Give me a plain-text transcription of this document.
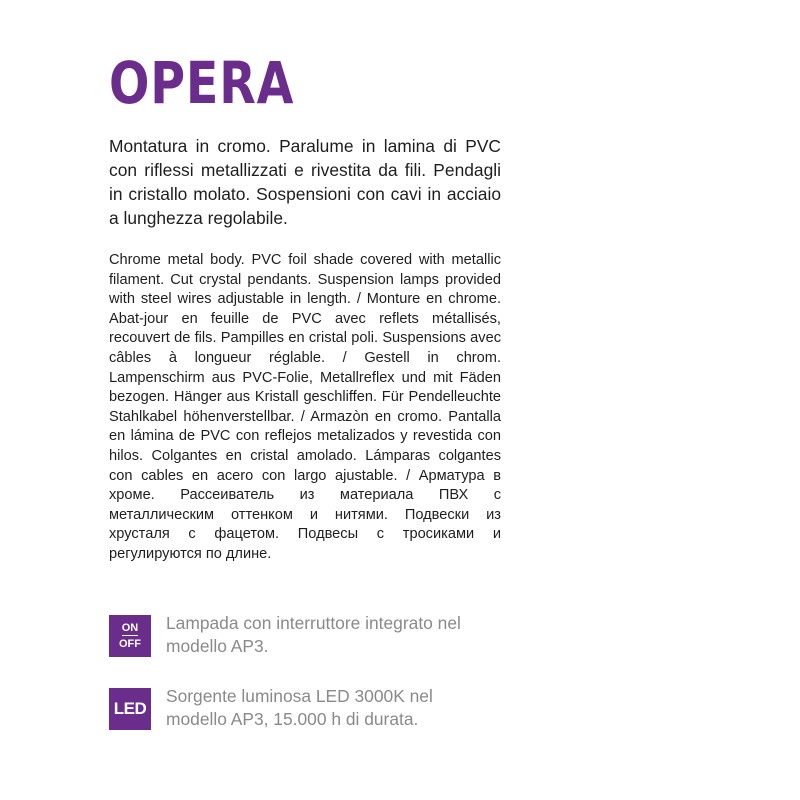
OPERA

Montatura in cromo. Paralume in lamina di PVC con riflessi metallizzati e rivestita da fili. Pendagli in cristallo molato. Sospensioni con cavi in acciaio a lunghezza regolabile.

Chrome metal body. PVC foil shade covered with metallic filament. Cut crystal pendants. Suspension lamps provided with steel wires adjustable in length. / Monture en chrome. Abat-jour en feuille de PVC avec reflets métallisés, recouvert de fils. Pampilles en cristal poli. Suspensions avec câbles à longueur réglable. / Gestell in chrom. Lampenschirm aus PVC-Folie, Metallreflex und mit Fäden bezogen. Hänger aus Kristall geschliffen. Für Pendelleuchte Stahlkabel höhenverstellbar. / Armazòn en cromo. Pantalla en lámina de PVC con reflejos metalizados y revestida con hilos. Colgantes en cristal amolado. Lámparas colgantes con cables en acero con largo ajustable. / Арматура в хроме. Рассеиватель из материала ПВХ с металлическим оттенком и нитями. Подвески из хрусталя с фацетом. Подвесы с тросиками и регулируются по длине.

ON
OFF
Lampada con interruttore integrato nel
modello AP3.
LED
Sorgente luminosa LED 3000K nel
modello AP3, 15.000 h di durata.
